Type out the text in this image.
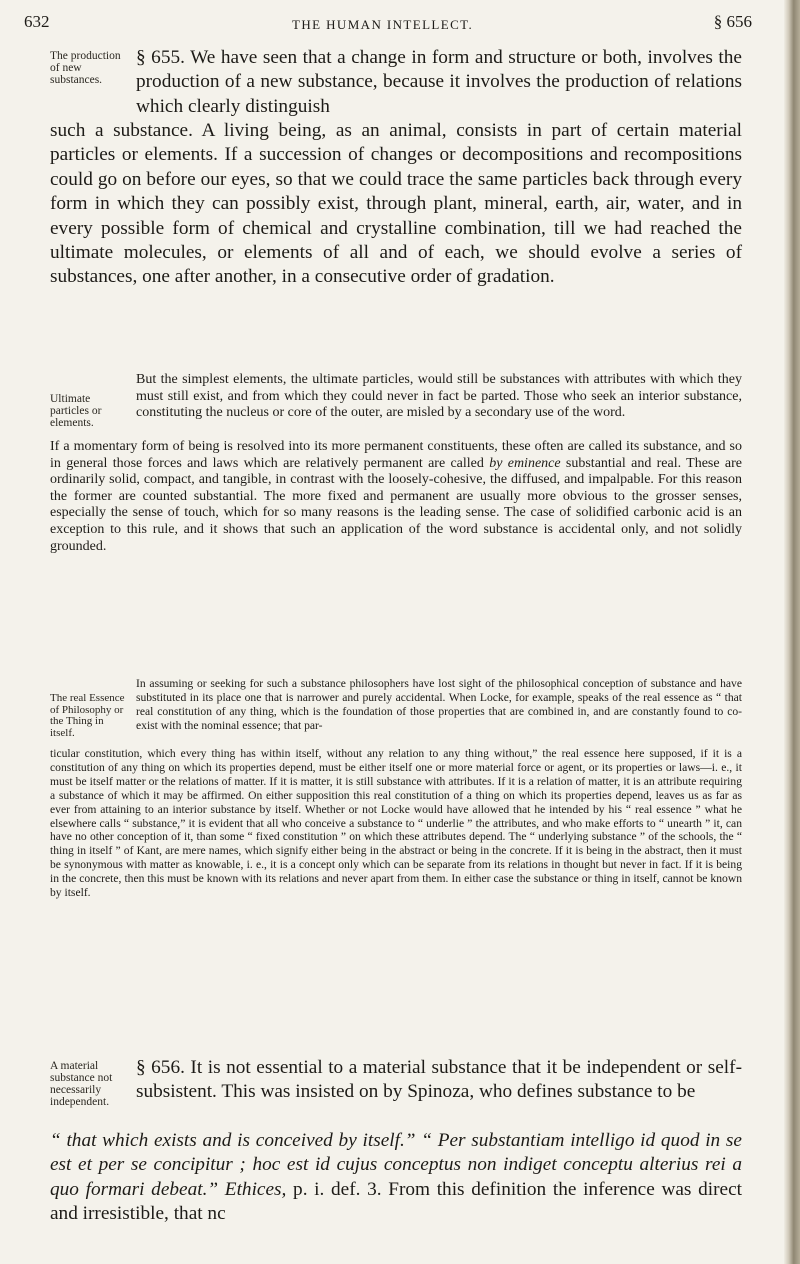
632	THE HUMAN INTELLECT.	§ 656
The production of new substances.

§ 655. We have seen that a change in form and structure or both, involves the production of a new substance, because it involves the production of relations which clearly distinguish

such a substance. A living being, as an animal, consists in part of certain material particles or elements. If a succession of changes or decompositions and recompositions could go on before our eyes, so that we could trace the same particles back through every form in which they can possibly exist, through plant, mineral, earth, air, water, and in every possible form of chemical and crystalline combination, till we had reached the ultimate molecules, or elements of all and of each, we should evolve a series of substances, one after another, in a consecutive order of gradation.

Ultimate particles or elements.

But the simplest elements, the ultimate particles, would still be substances with attributes with which they must still exist, and from which they could never in fact be parted. Those who seek an interior substance, constituting the nucleus or core of the outer, are misled by a secondary use of the word.

If a momentary form of being is resolved into its more permanent constituents, these often are called its substance, and so in general those forces and laws which are relatively permanent are called by eminence substantial and real. These are ordinarily solid, compact, and tangible, in contrast with the loosely-cohesive, the diffused, and impalpable. For this reason the former are counted substantial. The more fixed and permanent are usually more obvious to the grosser senses, especially the sense of touch, which for so many reasons is the leading sense. The case of solidified carbonic acid is an exception to this rule, and it shows that such an application of the word substance is accidental only, and not solidly grounded.

The real Essence of Philosophy or the Thing in itself.

In assuming or seeking for such a substance philosophers have lost sight of the philosophical conception of substance and have substituted in its place one that is narrower and purely accidental. When Locke, for example, speaks of the real essence as “ that real constitution of any thing, which is the foundation of those properties that are combined in, and are constantly found to co-exist with the nominal essence; that par-

ticular constitution, which every thing has within itself, without any relation to any thing without,” the real essence here supposed, if it is a constitution of any thing on which its properties depend, must be either itself one or more material force or agent, or its properties or laws—i. e., it must be itself matter or the relations of matter. If it is matter, it is still substance with attributes. If it is a relation of matter, it is an attribute requiring a substance of which it may be affirmed. On either supposition this real constitution of a thing on which its properties depend, leaves us as far as ever from attaining to an interior substance by itself. Whether or not Locke would have allowed that he intended by his “ real essence ” what he elsewhere calls “ substance,” it is evident that all who conceive a substance to “ underlie ” the attributes, and who make efforts to “ unearth ” it, can have no other conception of it, than some “ fixed constitution ” on which these attributes depend. The “ underlying substance ” of the schools, the “ thing in itself ” of Kant, are mere names, which signify either being in the abstract or being in the concrete. If it is being in the abstract, then it must be synonymous with matter as knowable, i. e., it is a concept only which can be separate from its relations in thought but never in fact. If it is being in the concrete, then this must be known with its relations and never apart from them. In either case the substance or thing in itself, cannot be known by itself.

A material substance not necessarily independent.

§ 656. It is not essential to a material substance that it be independent or self-subsistent. This was insisted on by Spinoza, who defines substance to be

“ that which exists and is conceived by itself.” “ Per substantiam intelligo id quod in se est et per se concipitur ; hoc est id cujus conceptus non indiget conceptu alterius rei a quo formari debeat.” Ethices, p. i. def. 3. From this definition the inference was direct and irresistible, that nc
